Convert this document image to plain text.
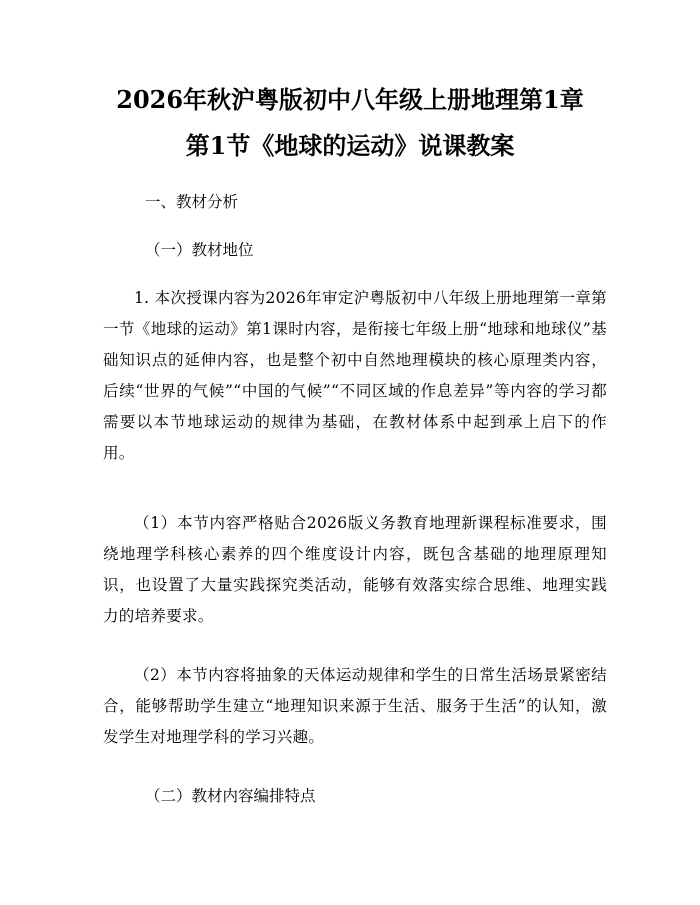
2026年秋沪粤版初中八年级上册地理第1章
第1节《地球的运动》说课教案

一、教材分析

（一）教材地位

1. 本次授课内容为2026年审定沪粤版初中八年级上册地理第一章第一节《地球的运动》第1课时内容，是衔接七年级上册“地球和地球仪”基础知识点的延伸内容，也是整个初中自然地理模块的核心原理类内容，后续“世界的气候”“中国的气候”“不同区域的作息差异”等内容的学习都需要以本节地球运动的规律为基础，在教材体系中起到承上启下的作用。

（1）本节内容严格贴合2026版义务教育地理新课程标准要求，围绕地理学科核心素养的四个维度设计内容，既包含基础的地理原理知识，也设置了大量实践探究类活动，能够有效落实综合思维、地理实践力的培养要求。

（2）本节内容将抽象的天体运动规律和学生的日常生活场景紧密结合，能够帮助学生建立“地理知识来源于生活、服务于生活”的认知，激发学生对地理学科的学习兴趣。

（二）教材内容编排特点
